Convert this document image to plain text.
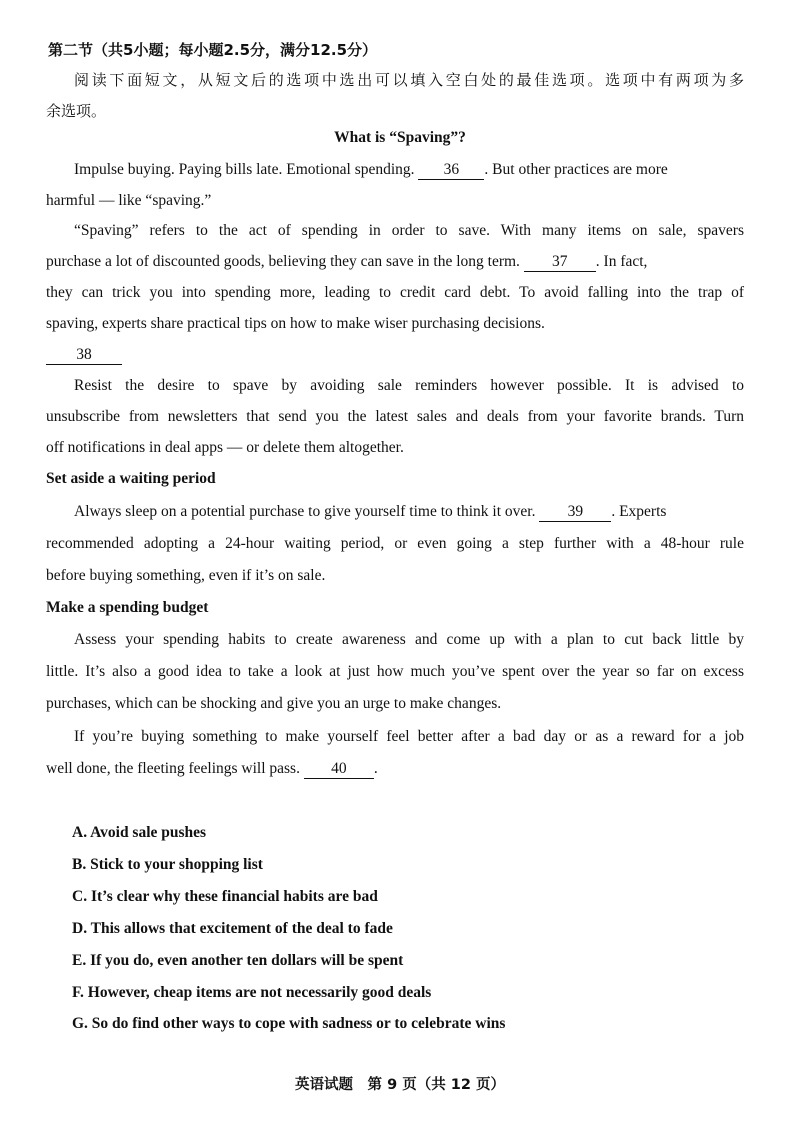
第二节（共5小题；每小题2.5分，满分12.5分）
阅读下面短文，从短文后的选项中选出可以填入空白处的最佳选项。选项中有两项为多
余选项。
What is “Spaving”?
Impulse buying. Paying bills late. Emotional spending. 36 . But other practices are more
harmful — like “spaving.”
“Spaving” refers to the act of spending in order to save. With many items on sale, spavers
purchase a lot of discounted goods, believing they can save in the long term. 37 . In fact,
they can trick you into spending more, leading to credit card debt. To avoid falling into the trap of
spaving, experts share practical tips on how to make wiser purchasing decisions.
38
Resist the desire to spave by avoiding sale reminders however possible. It is advised to
unsubscribe from newsletters that send you the latest sales and deals from your favorite brands. Turn
off notifications in deal apps — or delete them altogether.
Set aside a waiting period
Always sleep on a potential purchase to give yourself time to think it over. 39 . Experts
recommended adopting a 24-hour waiting period, or even going a step further with a 48-hour rule
before buying something, even if it’s on sale.
Make a spending budget
Assess your spending habits to create awareness and come up with a plan to cut back little by
little. It’s also a good idea to take a look at just how much you’ve spent over the year so far on excess
purchases, which can be shocking and give you an urge to make changes.
If you’re buying something to make yourself feel better after a bad day or as a reward for a job
well done, the fleeting feelings will pass. 40 .
A. Avoid sale pushes
B. Stick to your shopping list
C. It’s clear why these financial habits are bad
D. This allows that excitement of the deal to fade
E. If you do, even another ten dollars will be spent
F. However, cheap items are not necessarily good deals
G. So do find other ways to cope with sadness or to celebrate wins
英语试题　第 9 页（共 12 页）
